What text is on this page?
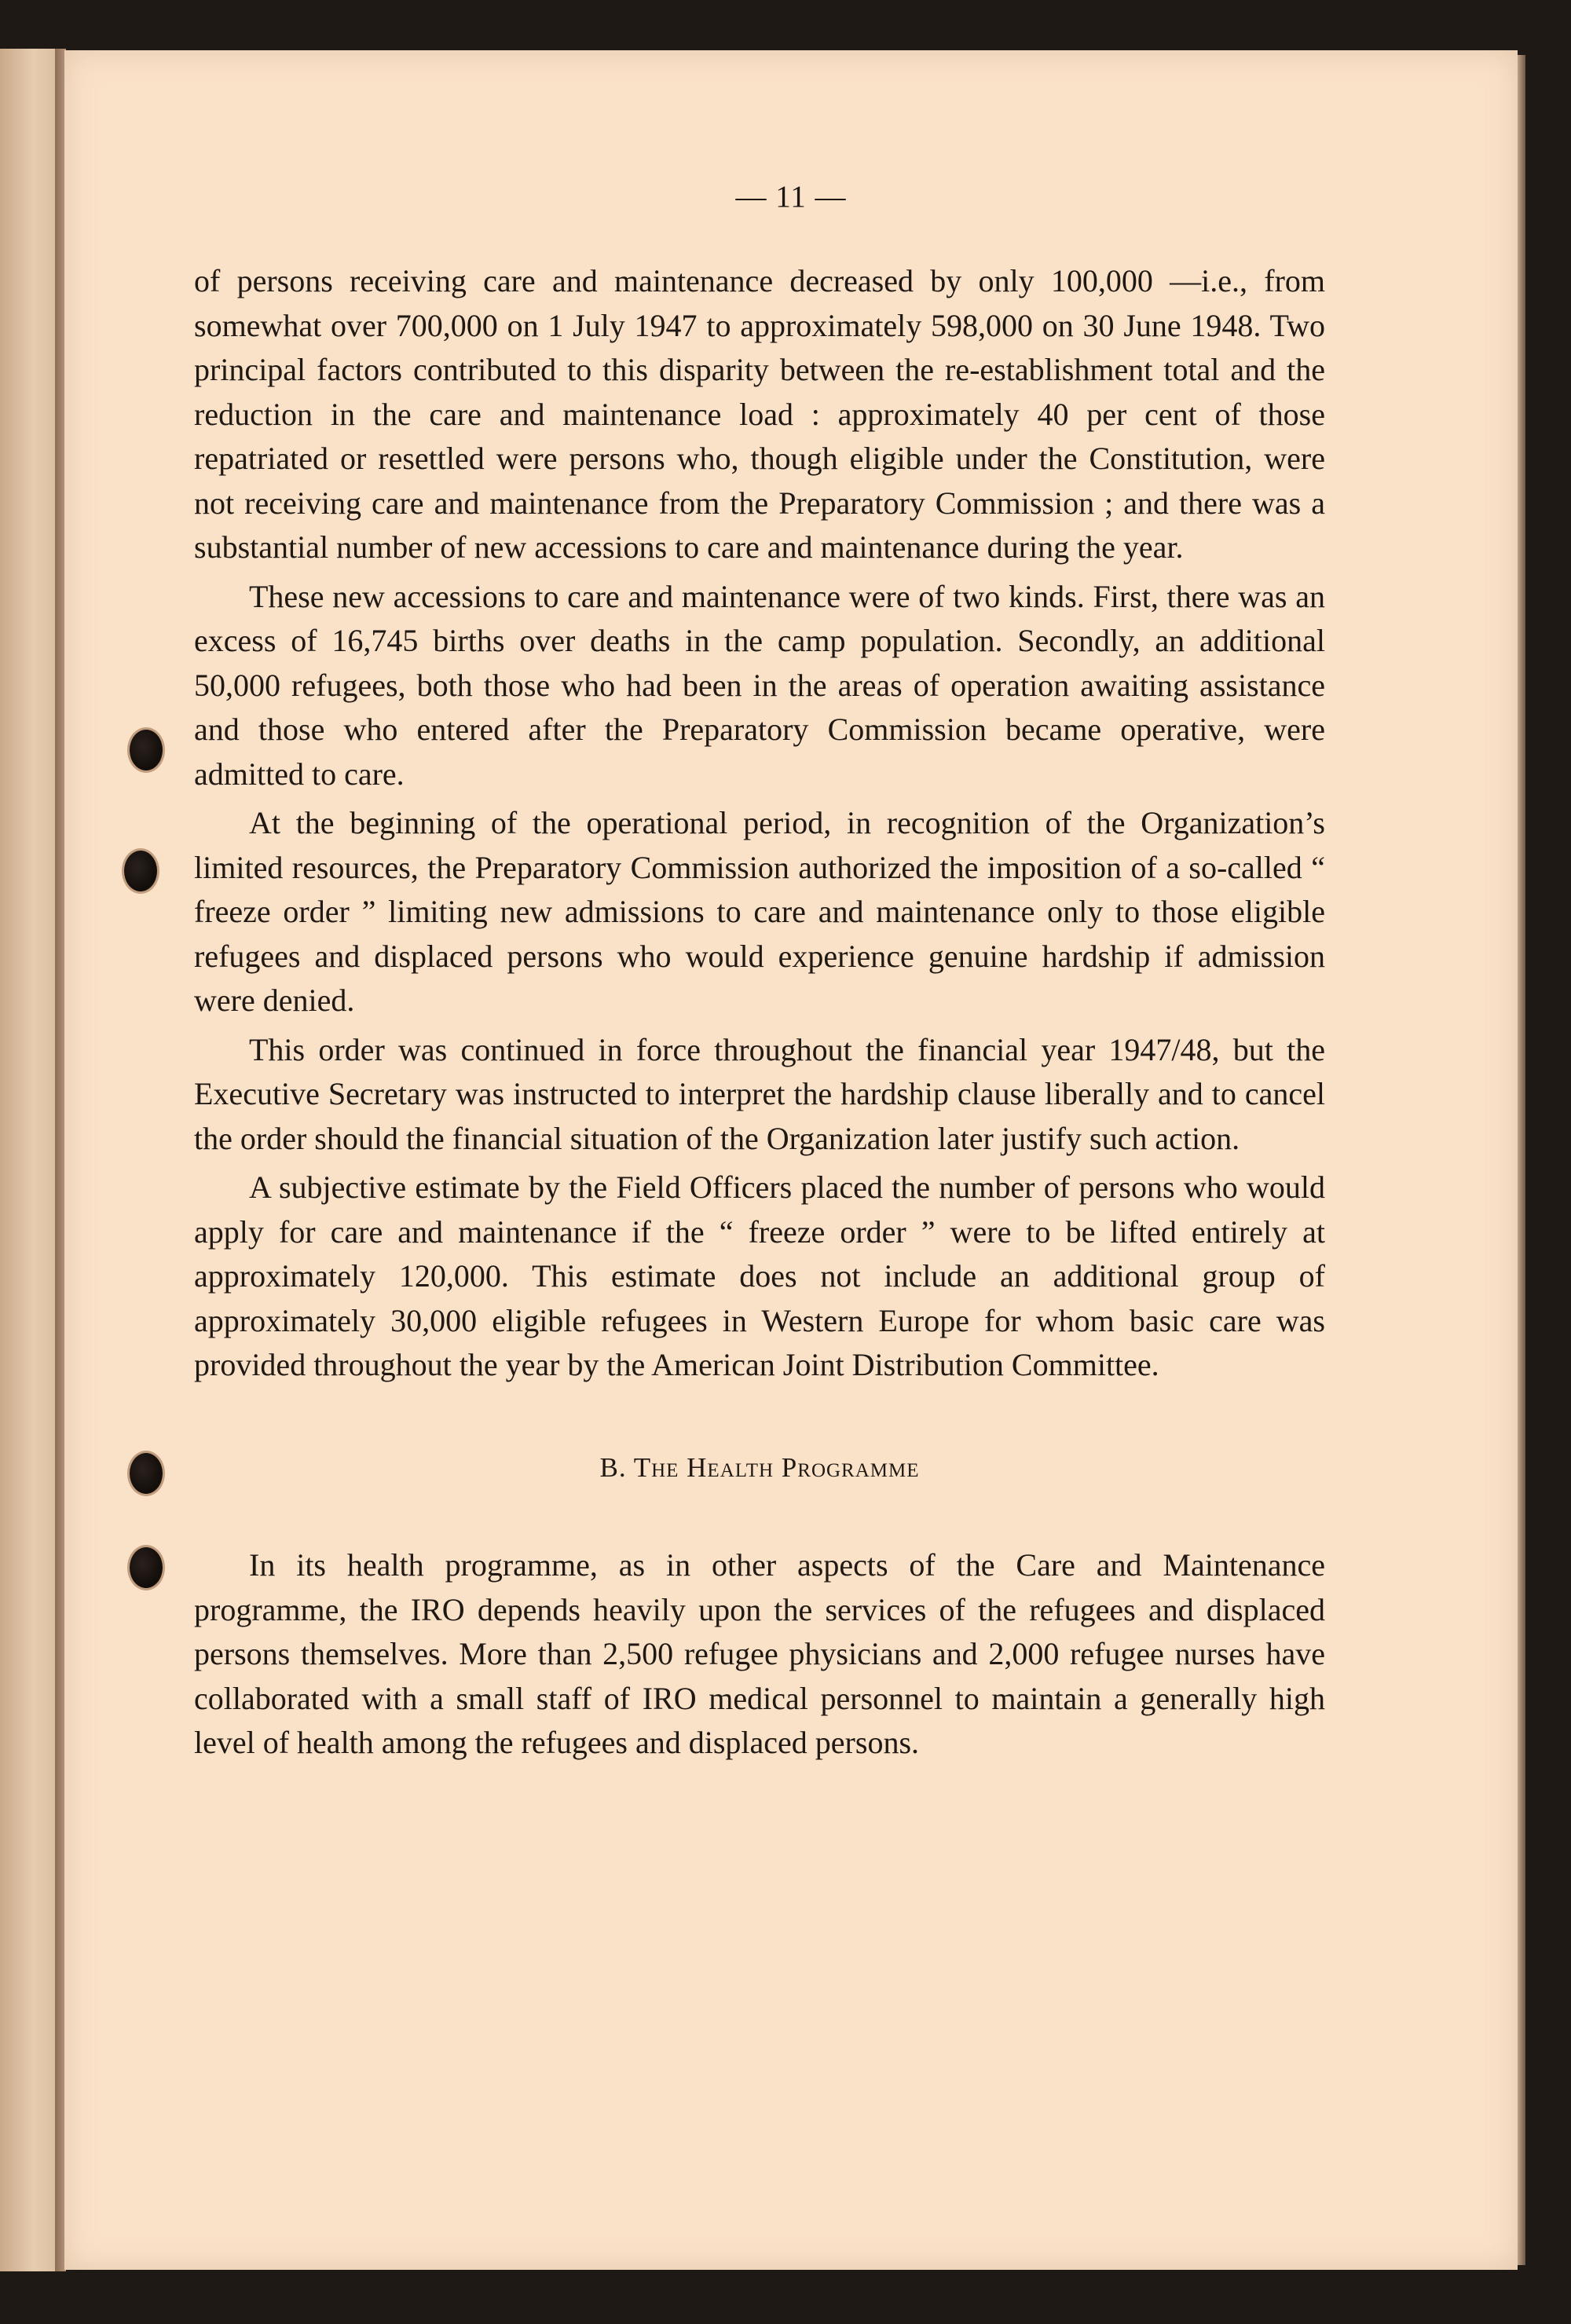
— 11 —

of persons receiving care and maintenance decreased by only 100,000 —i.e., from somewhat over 700,000 on 1 July 1947 to approximately 598,000 on 30 June 1948. Two principal factors contributed to this disparity between the re-establishment total and the reduction in the care and maintenance load : approximately 40 per cent of those repatriated or resettled were persons who, though eligible under the Constitution, were not receiving care and maintenance from the Preparatory Commission ; and there was a substantial number of new accessions to care and maintenance during the year.

These new accessions to care and maintenance were of two kinds. First, there was an excess of 16,745 births over deaths in the camp population. Secondly, an additional 50,000 refugees, both those who had been in the areas of operation awaiting assistance and those who entered after the Preparatory Commission became operative, were admitted to care.

At the beginning of the operational period, in recognition of the Organization’s limited resources, the Preparatory Commission authorized the imposition of a so-called “ freeze order ” limiting new admissions to care and maintenance only to those eligible refugees and displaced persons who would experience genuine hardship if admission were denied.

This order was continued in force throughout the financial year 1947/48, but the Executive Secretary was instructed to interpret the hardship clause liberally and to cancel the order should the financial situation of the Organization later justify such action.

A subjective estimate by the Field Officers placed the number of persons who would apply for care and maintenance if the “ freeze order ” were to be lifted entirely at approximately 120,000. This estimate does not include an additional group of approximately 30,000 eligible refugees in Western Europe for whom basic care was provided throughout the year by the American Joint Distribution Committee.

B. The Health Programme

In its health programme, as in other aspects of the Care and Maintenance programme, the IRO depends heavily upon the services of the refugees and displaced persons themselves. More than 2,500 refugee physicians and 2,000 refugee nurses have collaborated with a small staff of IRO medical personnel to maintain a generally high level of health among the refugees and displaced persons.
